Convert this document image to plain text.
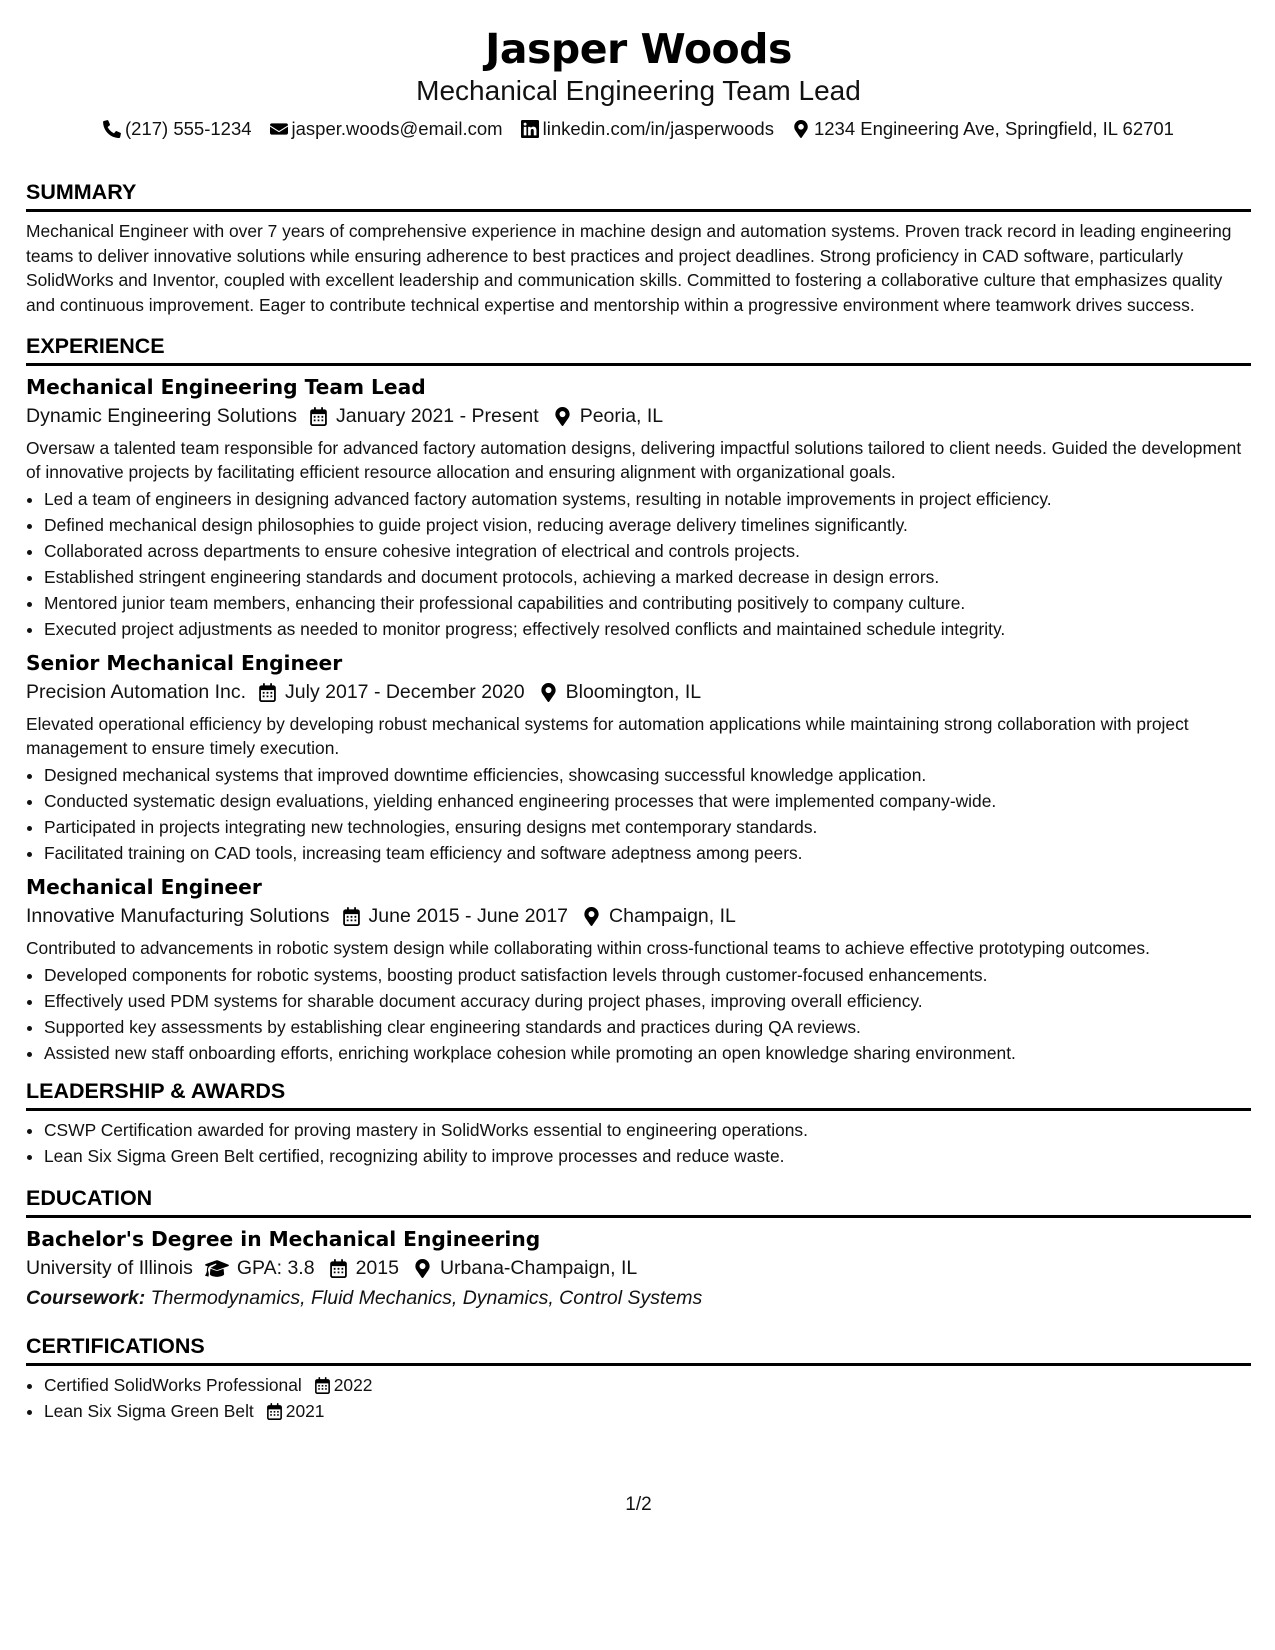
Jasper Woods
Mechanical Engineering Team Lead
(217) 555-1234 jasper.woods@email.com linkedin.com/in/jasperwoods 1234 Engineering Ave, Springfield, IL 62701
SUMMARY
Mechanical Engineer with over 7 years of comprehensive experience in machine design and automation systems. Proven track record in leading engineering teams to deliver innovative solutions while ensuring adherence to best practices and project deadlines. Strong proficiency in CAD software, particularly SolidWorks and Inventor, coupled with excellent leadership and communication skills. Committed to fostering a collaborative culture that emphasizes quality and continuous improvement. Eager to contribute technical expertise and mentorship within a progressive environment where teamwork drives success.
EXPERIENCE
Mechanical Engineering Team Lead
Dynamic Engineering Solutions January 2021 - Present Peoria, IL
Oversaw a talented team responsible for advanced factory automation designs, delivering impactful solutions tailored to client needs. Guided the development of innovative projects by facilitating efficient resource allocation and ensuring alignment with organizational goals.
• Led a team of engineers in designing advanced factory automation systems, resulting in notable improvements in project efficiency.
• Defined mechanical design philosophies to guide project vision, reducing average delivery timelines significantly.
• Collaborated across departments to ensure cohesive integration of electrical and controls projects.
• Established stringent engineering standards and document protocols, achieving a marked decrease in design errors.
• Mentored junior team members, enhancing their professional capabilities and contributing positively to company culture.
• Executed project adjustments as needed to monitor progress; effectively resolved conflicts and maintained schedule integrity.
Senior Mechanical Engineer
Precision Automation Inc. July 2017 - December 2020 Bloomington, IL
Elevated operational efficiency by developing robust mechanical systems for automation applications while maintaining strong collaboration with project management to ensure timely execution.
• Designed mechanical systems that improved downtime efficiencies, showcasing successful knowledge application.
• Conducted systematic design evaluations, yielding enhanced engineering processes that were implemented company-wide.
• Participated in projects integrating new technologies, ensuring designs met contemporary standards.
• Facilitated training on CAD tools, increasing team efficiency and software adeptness among peers.
Mechanical Engineer
Innovative Manufacturing Solutions June 2015 - June 2017 Champaign, IL
Contributed to advancements in robotic system design while collaborating within cross-functional teams to achieve effective prototyping outcomes.
• Developed components for robotic systems, boosting product satisfaction levels through customer-focused enhancements.
• Effectively used PDM systems for sharable document accuracy during project phases, improving overall efficiency.
• Supported key assessments by establishing clear engineering standards and practices during QA reviews.
• Assisted new staff onboarding efforts, enriching workplace cohesion while promoting an open knowledge sharing environment.
LEADERSHIP & AWARDS
• CSWP Certification awarded for proving mastery in SolidWorks essential to engineering operations.
• Lean Six Sigma Green Belt certified, recognizing ability to improve processes and reduce waste.
EDUCATION
Bachelor's Degree in Mechanical Engineering
University of Illinois GPA: 3.8 2015 Urbana-Champaign, IL
Coursework: Thermodynamics, Fluid Mechanics, Dynamics, Control Systems
CERTIFICATIONS
• Certified SolidWorks Professional 2022
• Lean Six Sigma Green Belt 2021
1/2
